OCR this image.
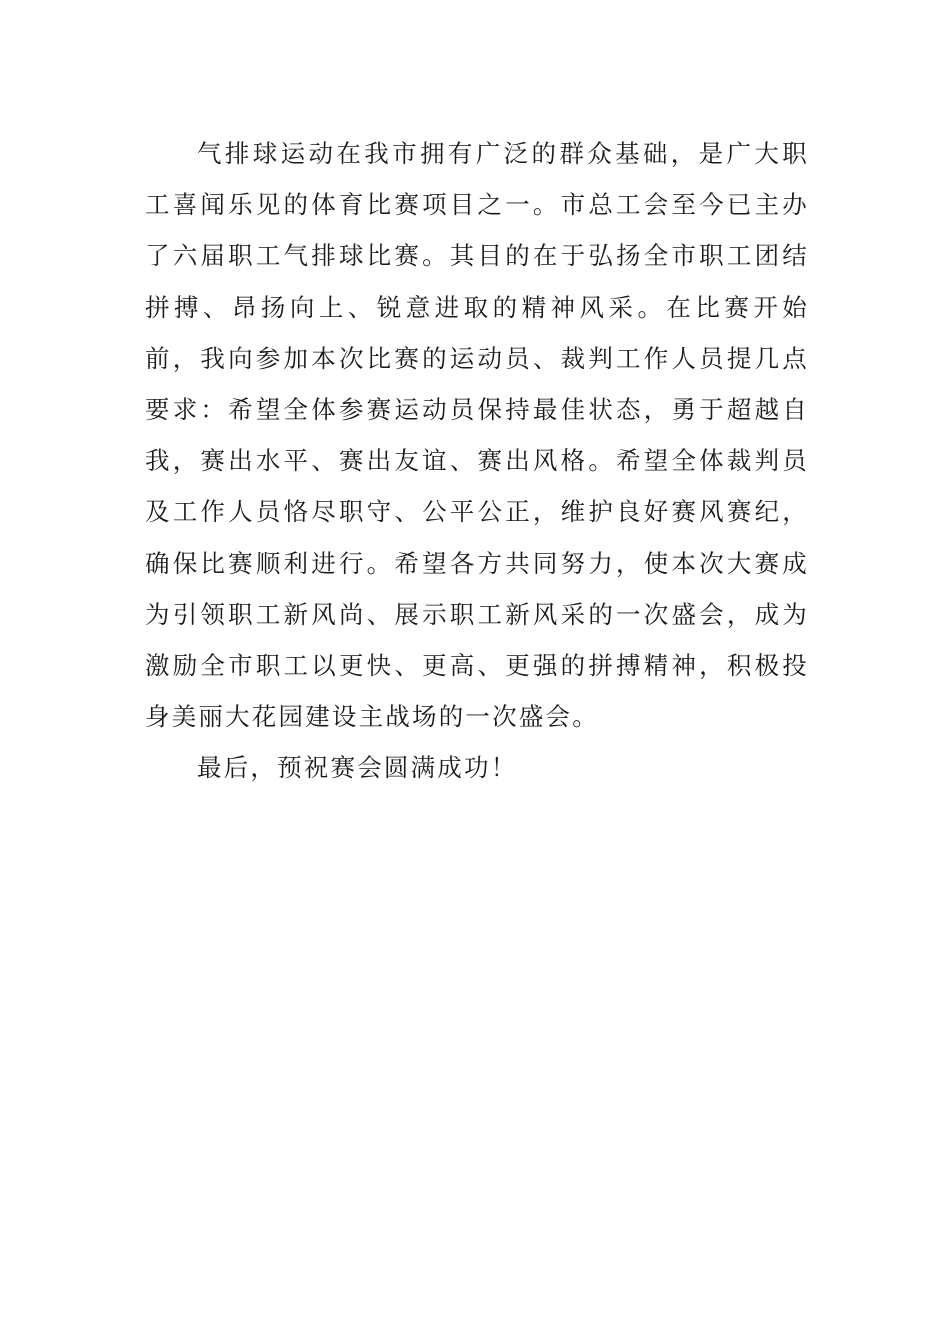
气排球运动在我市拥有广泛的群众基础，是广大职工喜闻乐见的体育比赛项目之一。市总工会至今已主办了六届职工气排球比赛。其目的在于弘扬全市职工团结拼搏、昂扬向上、锐意进取的精神风采。在比赛开始前，我向参加本次比赛的运动员、裁判工作人员提几点要求：希望全体参赛运动员保持最佳状态，勇于超越自我，赛出水平、赛出友谊、赛出风格。希望全体裁判员及工作人员恪尽职守、公平公正，维护良好赛风赛纪，确保比赛顺利进行。希望各方共同努力，使本次大赛成为引领职工新风尚、展示职工新风采的一次盛会，成为激励全市职工以更快、更高、更强的拼搏精神，积极投身美丽大花园建设主战场的一次盛会。

最后，预祝赛会圆满成功！
